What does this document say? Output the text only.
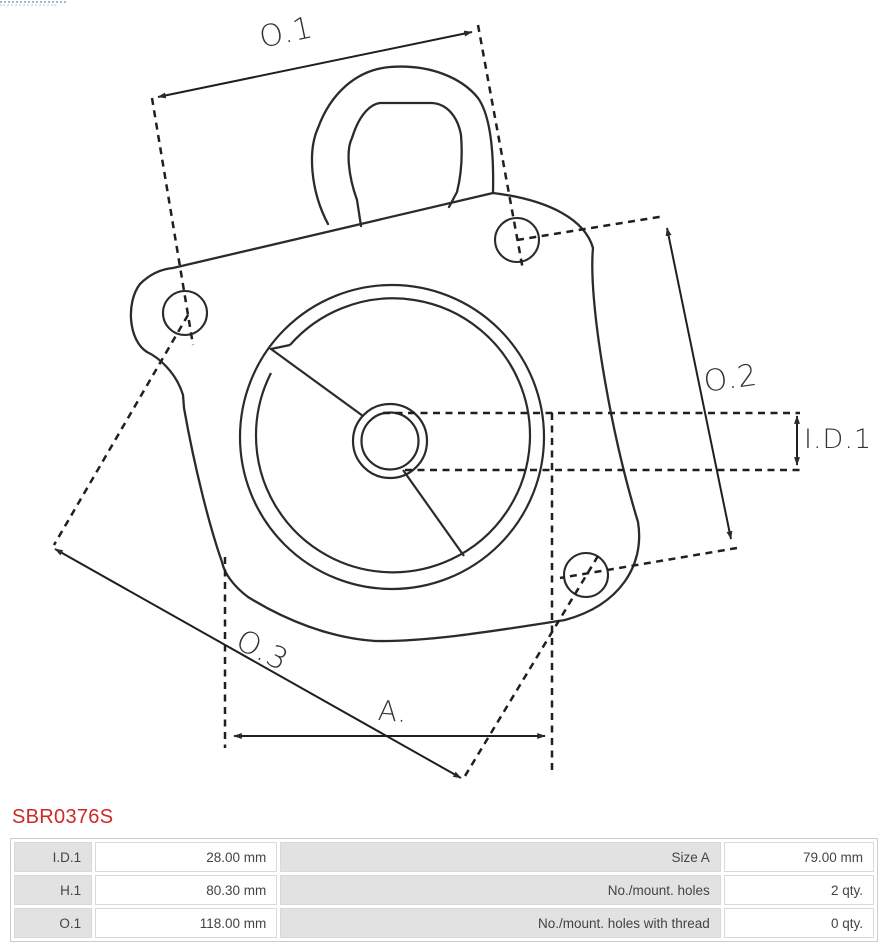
O.1
O.2
I.D.1
O.3
A.
SBR0376S
I.D.1	28.00 mm	Size A	79.00 mm
H.1	80.30 mm	No./mount. holes	2 qty.
O.1	118.00 mm	No./mount. holes with thread	0 qty.
